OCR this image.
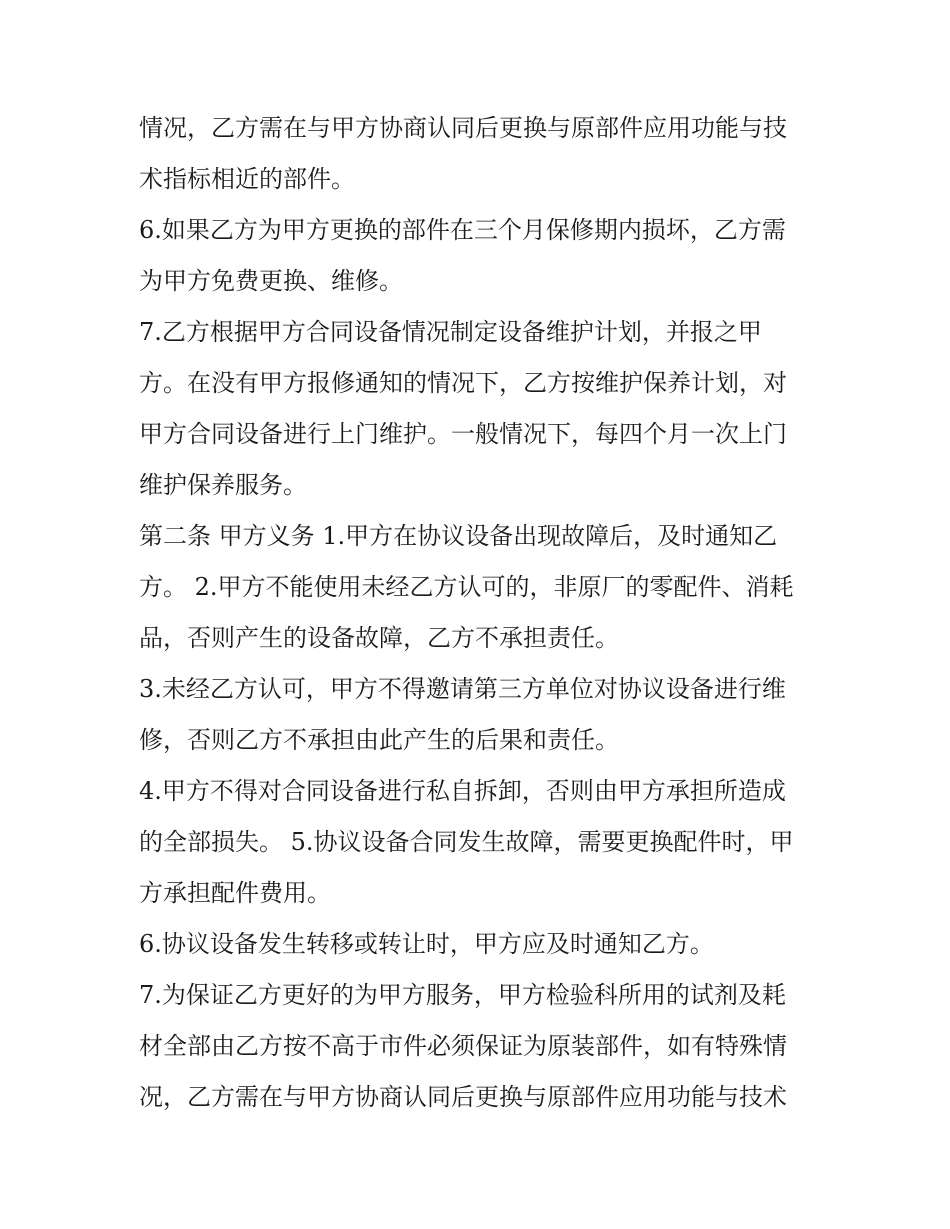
情况，乙方需在与甲方协商认同后更换与原部件应用功能与技
术指标相近的部件。
6.如果乙方为甲方更换的部件在三个月保修期内损坏，乙方需
为甲方免费更换、维修。
7.乙方根据甲方合同设备情况制定设备维护计划，并报之甲
方。在没有甲方报修通知的情况下，乙方按维护保养计划，对
甲方合同设备进行上门维护。一般情况下，每四个月一次上门
维护保养服务。
第二条 甲方义务 1.甲方在协议设备出现故障后，及时通知乙
方。 2.甲方不能使用未经乙方认可的，非原厂的零配件、消耗
品，否则产生的设备故障，乙方不承担责任。
3.未经乙方认可，甲方不得邀请第三方单位对协议设备进行维
修，否则乙方不承担由此产生的后果和责任。
4.甲方不得对合同设备进行私自拆卸，否则由甲方承担所造成
的全部损失。 5.协议设备合同发生故障，需要更换配件时，甲
方承担配件费用。
6.协议设备发生转移或转让时，甲方应及时通知乙方。
7.为保证乙方更好的为甲方服务，甲方检验科所用的试剂及耗
材全部由乙方按不高于市件必须保证为原装部件，如有特殊情
况，乙方需在与甲方协商认同后更换与原部件应用功能与技术
